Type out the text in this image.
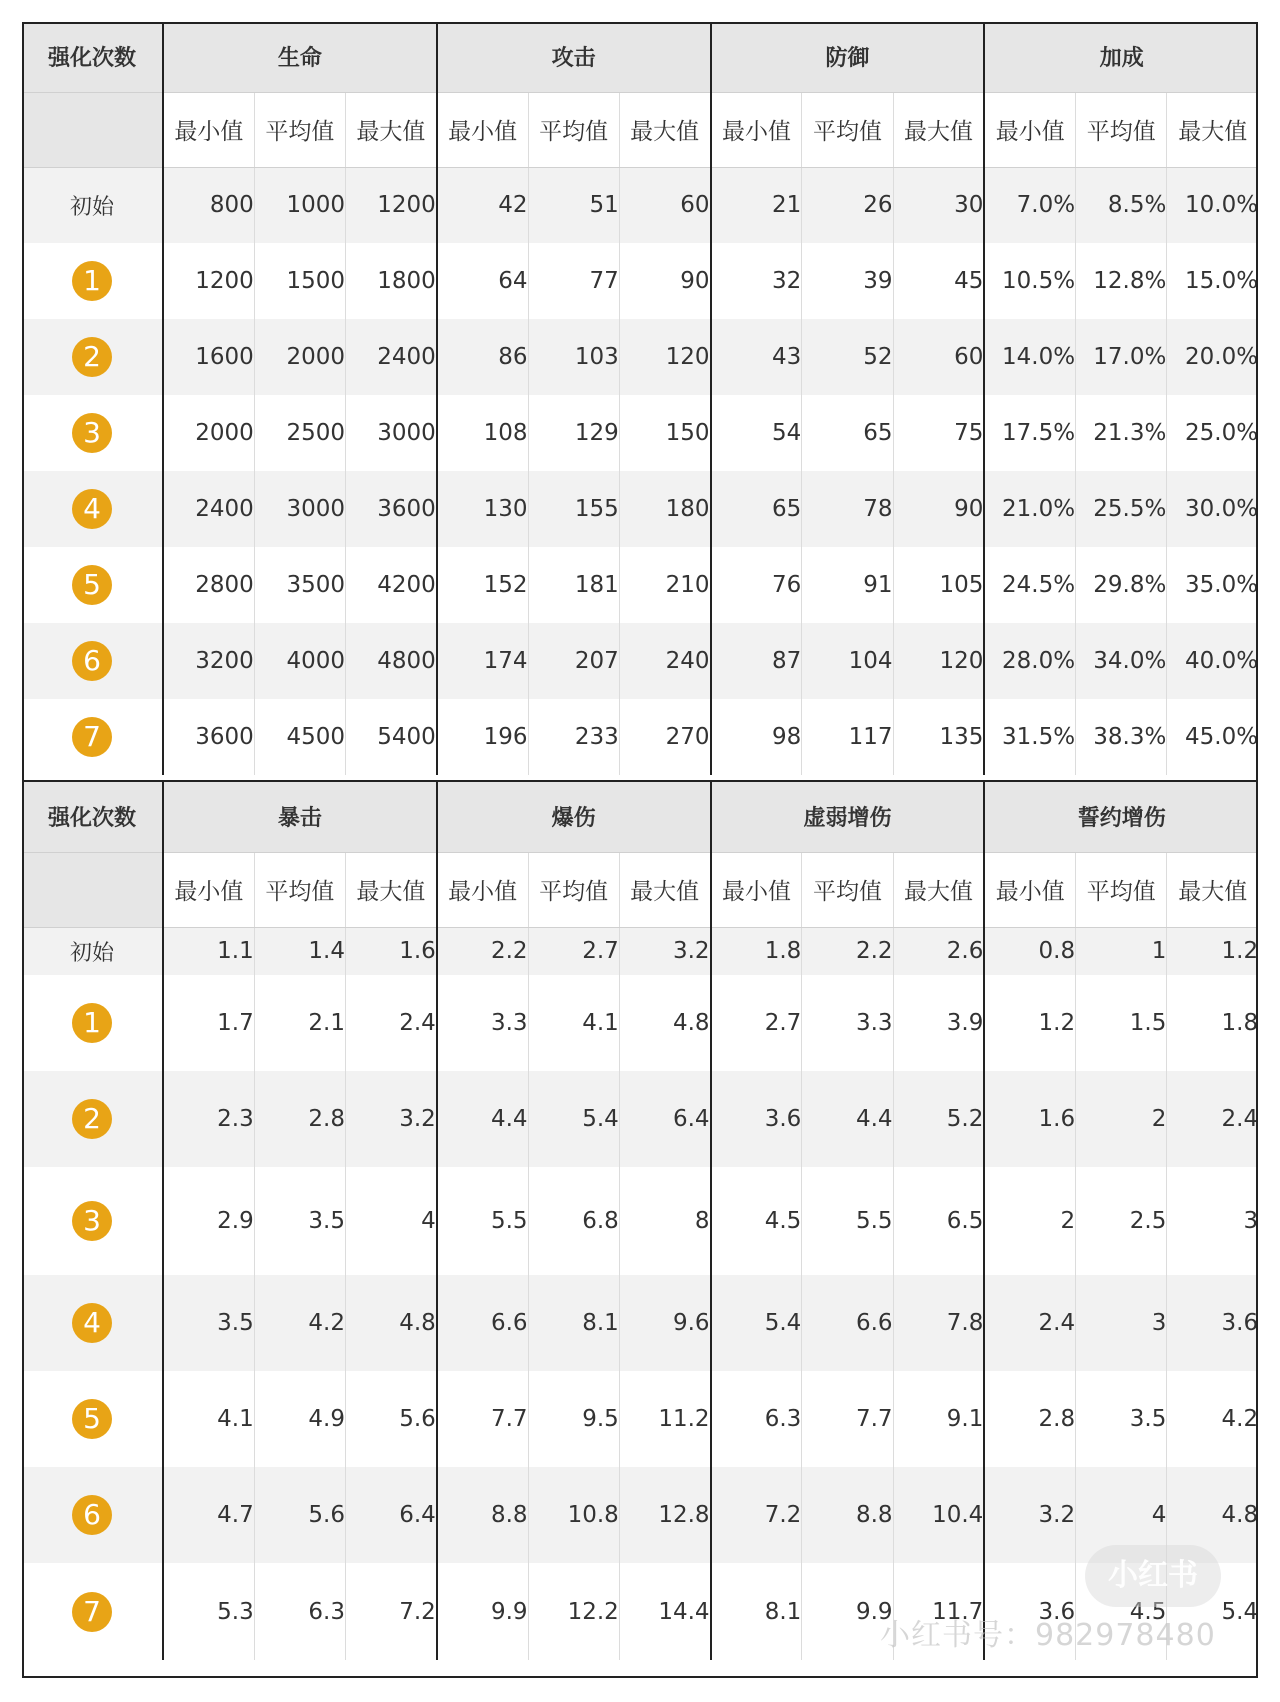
强化次数	生命			攻击			防御			加成		
	最小值	平均值	最大值	最小值	平均值	最大值	最小值	平均值	最大值	最小值	平均值	最大值
初始	800	1000	1200	42	51	60	21	26	30	7.0%	8.5%	10.0%
1	1200	1500	1800	64	77	90	32	39	45	10.5%	12.8%	15.0%
2	1600	2000	2400	86	103	120	43	52	60	14.0%	17.0%	20.0%
3	2000	2500	3000	108	129	150	54	65	75	17.5%	21.3%	25.0%
4	2400	3000	3600	130	155	180	65	78	90	21.0%	25.5%	30.0%
5	2800	3500	4200	152	181	210	76	91	105	24.5%	29.8%	35.0%
6	3200	4000	4800	174	207	240	87	104	120	28.0%	34.0%	40.0%
7	3600	4500	5400	196	233	270	98	117	135	31.5%	38.3%	45.0%
强化次数	暴击			爆伤			虚弱增伤			誓约增伤		
	最小值	平均值	最大值	最小值	平均值	最大值	最小值	平均值	最大值	最小值	平均值	最大值
初始	1.1	1.4	1.6	2.2	2.7	3.2	1.8	2.2	2.6	0.8	1	1.2
1	1.7	2.1	2.4	3.3	4.1	4.8	2.7	3.3	3.9	1.2	1.5	1.8
2	2.3	2.8	3.2	4.4	5.4	6.4	3.6	4.4	5.2	1.6	2	2.4
3	2.9	3.5	4	5.5	6.8	8	4.5	5.5	6.5	2	2.5	3
4	3.5	4.2	4.8	6.6	8.1	9.6	5.4	6.6	7.8	2.4	3	3.6
5	4.1	4.9	5.6	7.7	9.5	11.2	6.3	7.7	9.1	2.8	3.5	4.2
6	4.7	5.6	6.4	8.8	10.8	12.8	7.2	8.8	10.4	3.2	4	4.8
7	5.3	6.3	7.2	9.9	12.2	14.4	8.1	9.9	11.7	3.6	4.5	5.4
小红书
小红书号：982978480
